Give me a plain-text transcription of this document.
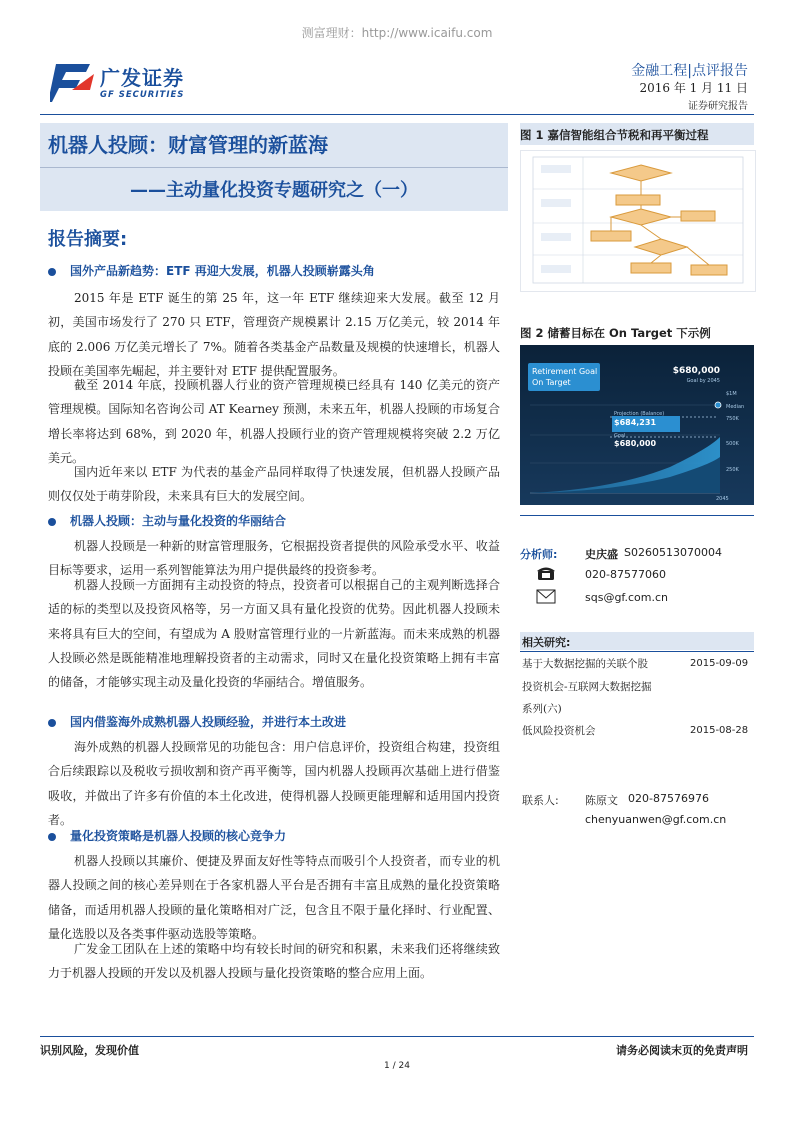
测富理财：http://www.icaifu.com
广发证券
GF SECURITIES
金融工程|点评报告
2016 年 1 月 11 日
证券研究报告
机器人投顾：财富管理的新蓝海
——主动量化投资专题研究之（一）
报告摘要:
国外产品新趋势：ETF 再迎大发展，机器人投顾崭露头角
2015 年是 ETF 诞生的第 25 年，这一年 ETF 继续迎来大发展。截至 12 月初，美国市场发行了 270 只 ETF，管理资产规模累计 2.15 万亿美元，较 2014 年底的 2.006 万亿美元增长了 7%。随着各类基金产品数量及规模的快速增长，机器人投顾在美国率先崛起，并主要针对 ETF 提供配置服务。
截至 2014 年底，投顾机器人行业的资产管理规模已经具有 140 亿美元的资产管理规模。国际知名咨询公司 AT Kearney 预测，未来五年，机器人投顾的市场复合增长率将达到 68%，到 2020 年，机器人投顾行业的资产管理规模将突破 2.2 万亿美元。
国内近年来以 ETF 为代表的基金产品同样取得了快速发展，但机器人投顾产品则仅仅处于萌芽阶段，未来具有巨大的发展空间。
机器人投顾：主动与量化投资的华丽结合
机器人投顾是一种新的财富管理服务，它根据投资者提供的风险承受水平、收益目标等要求，运用一系列智能算法为用户提供最终的投资参考。
机器人投顾一方面拥有主动投资的特点，投资者可以根据自己的主观判断选择合适的标的类型以及投资风格等，另一方面又具有量化投资的优势。因此机器人投顾未来将具有巨大的空间，有望成为 A 股财富管理行业的一片新蓝海。而未来成熟的机器人投顾必然是既能精准地理解投资者的主动需求，同时又在量化投资策略上拥有丰富的储备，才能够实现主动及量化投资的华丽结合。增值服务。
国内借鉴海外成熟机器人投顾经验，并进行本土改进
海外成熟的机器人投顾常见的功能包含：用户信息评价，投资组合构建，投资组合后续跟踪以及税收亏损收割和资产再平衡等，国内机器人投顾再次基础上进行借鉴吸收，并做出了许多有价值的本土化改进，使得机器人投顾更能理解和适用国内投资者。
量化投资策略是机器人投顾的核心竞争力
机器人投顾以其廉价、便捷及界面友好性等特点而吸引个人投资者，而专业的机器人投顾之间的核心差异则在于各家机器人平台是否拥有丰富且成熟的量化投资策略储备，而适用机器人投顾的量化策略相对广泛，包含且不限于量化择时、行业配置、量化选股以及各类事件驱动选股等策略。
广发金工团队在上述的策略中均有较长时间的研究和积累，未来我们还将继续致力于机器人投顾的开发以及机器人投顾与量化投资策略的整合应用上面。
图 1 嘉信智能组合节税和再平衡过程
图 2 储蓄目标在 On Target 下示例
Retirement Goal
On Target
$680,000
Goal by 2045
Projection (Balance)
$684,231
Goal
$680,000
$1M
Median
750K
500K
250K
2045
分析师:	史庆盛 S0260513070004
020-87577060
sqs@gf.com.cn
相关研究:
基于大数据挖掘的关联个股
投资机会-互联网大数据挖掘
系列(六)
2015-09-09
低风险投资机会	2015-08-28
联系人: 陈原文 020-87576976
chenyuanwen@gf.com.cn
识别风险，发现价值	请务必阅读末页的免责声明
1 / 24
